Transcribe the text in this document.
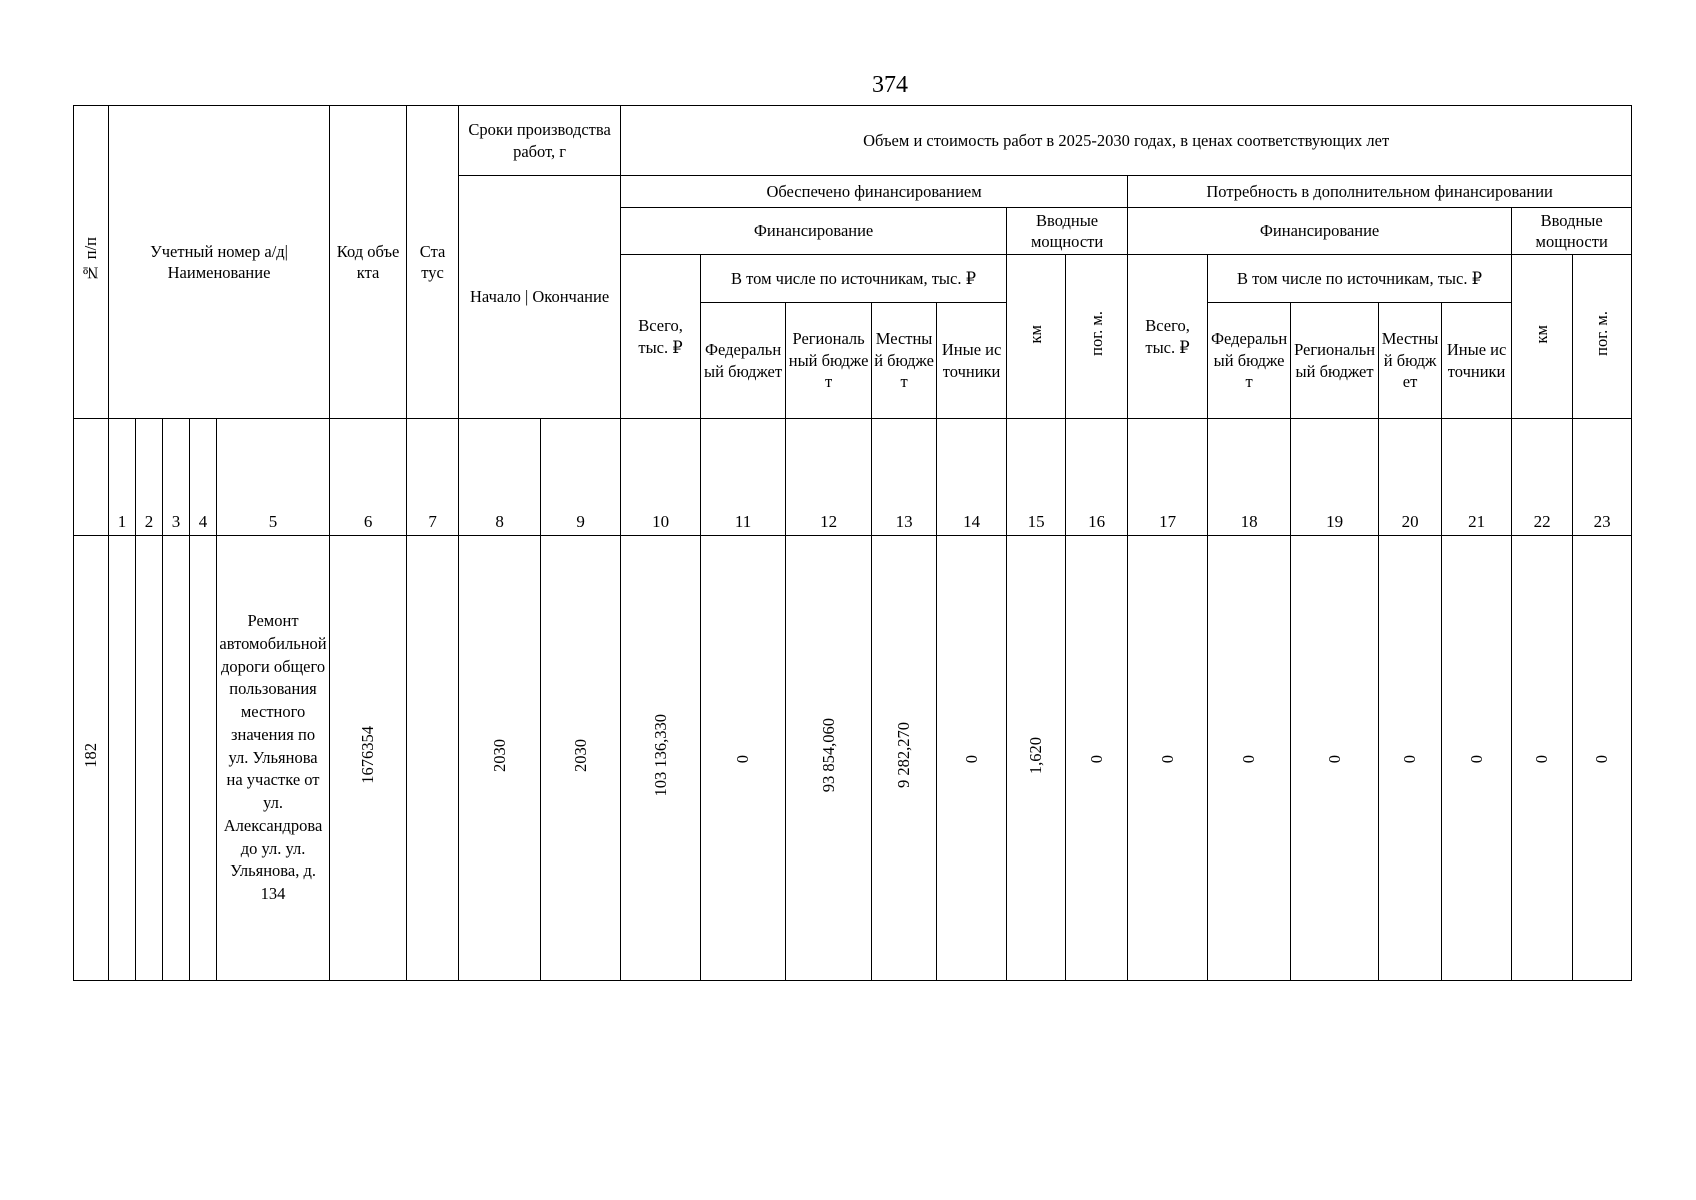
374
№ п/п	Учетный номер а/д| Наименование					Код объекта	Статус	Сроки производства работ, г		Объем и стоимость работ в 2025-2030 годах, в ценах соответствующих лет													
								Начало | Окончание		Обеспечено финансированием							Потребность в дополнительном финансировании						
										Финансирование					Вводные мощности		Финансирование					Вводные мощности	
										Всего, тыс. ₽	В том числе по источникам, тыс. ₽				км	пог. м.	Всего, тыс. ₽	В том числе по источникам, тыс. ₽				км	пог. м.
											Федеральный бюджет	Региональный бюджет	Местный бюджет	Иные источники				Федеральный бюджет	Региональный бюджет	Местный бюджет	Иные источники		
	1	2	3	4	5	6	7	8	9	10	11	12	13	14	15	16	17	18	19	20	21	22	23
182					Ремонт автомобильной дороги общего пользования местного значения по ул. Ульянова на участке от ул. Александрова до ул. ул. Ульянова, д. 134	1676354		2030	2030	103 136,330	0	93 854,060	9 282,270	0	1,620	0	0	0	0	0	0	0	0
